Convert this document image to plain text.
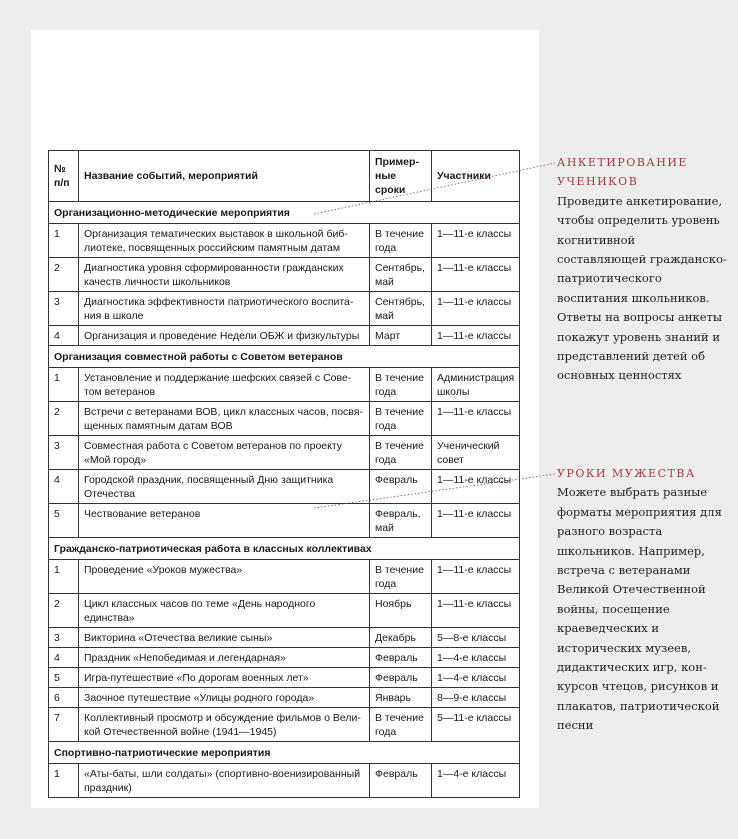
№ п/п	Название событий, мероприятий	Примерные сроки	Участники
Организационно-методические мероприятия			
1	Организация тематических выставок в школьной библиотеке, посвященных российским памятным датам	В течение года	1—11-е классы
2	Диагностика уровня сформированности гражданских качеств личности школьников	Сентябрь, май	1—11-е классы
3	Диагностика эффективности патриотического воспитания в школе	Сентябрь, май	1—11-е классы
4	Организация и проведение Недели ОБЖ и физкультуры	Март	1—11-е классы
Организация совместной работы с Советом ветеранов			
1	Установление и поддержание шефских связей с Советом ветеранов	В течение года	Администрация школы
2	Встречи с ветеранами ВОВ, цикл классных часов, посвященных памятным датам ВОВ	В течение года	1—11-е классы
3	Совместная работа с Советом ветеранов по проекту «Мой город»	В течение года	Ученический совет
4	Городской праздник, посвященный Дню защитника Отечества	Февраль	1—11-е классы
5	Чествование ветеранов	Февраль, май	1—11-е классы
Гражданско-патриотическая работа в классных коллективах			
1	Проведение «Уроков мужества»	В течение года	1—11-е классы
2	Цикл классных часов по теме «День народного единства»	Ноябрь	1—11-е классы
3	Викторина «Отечества великие сыны»	Декабрь	5—8-е классы
4	Праздник «Непобедимая и легендарная»	Февраль	1—4-е классы
5	Игра-путешествие «По дорогам военных лет»	Февраль	1—4-е классы
6	Заочное путешествие «Улицы родного города»	Январь	8—9-е классы
7	Коллективный просмотр и обсуждение фильмов о Великой Отечественной войне (1941—1945)	В течение года	5—11-е классы
Спортивно-патриотические мероприятия			
1	«Аты-баты, шли солдаты» (спортивно-военизированный праздник)	Февраль	1—4-е классы
АНКЕТИРОВАНИЕ УЧЕНИКОВ

Проведите анкетирование, чтобы определить уровень когнитивной составляющей гражданско-патриотического воспитания школьников. Ответы на вопросы анкеты покажут уровень знаний и представлений детей об основных ценностях

УРОКИ МУЖЕСТВА

Можете выбрать разные форматы мероприятия для разного возраста школьников. Например, встреча с ветеранами Великой Отечественной войны, посещение краеведческих и исторических музеев, дидактических игр, конкурсов чтецов, рисунков и плакатов, патриотической песни
